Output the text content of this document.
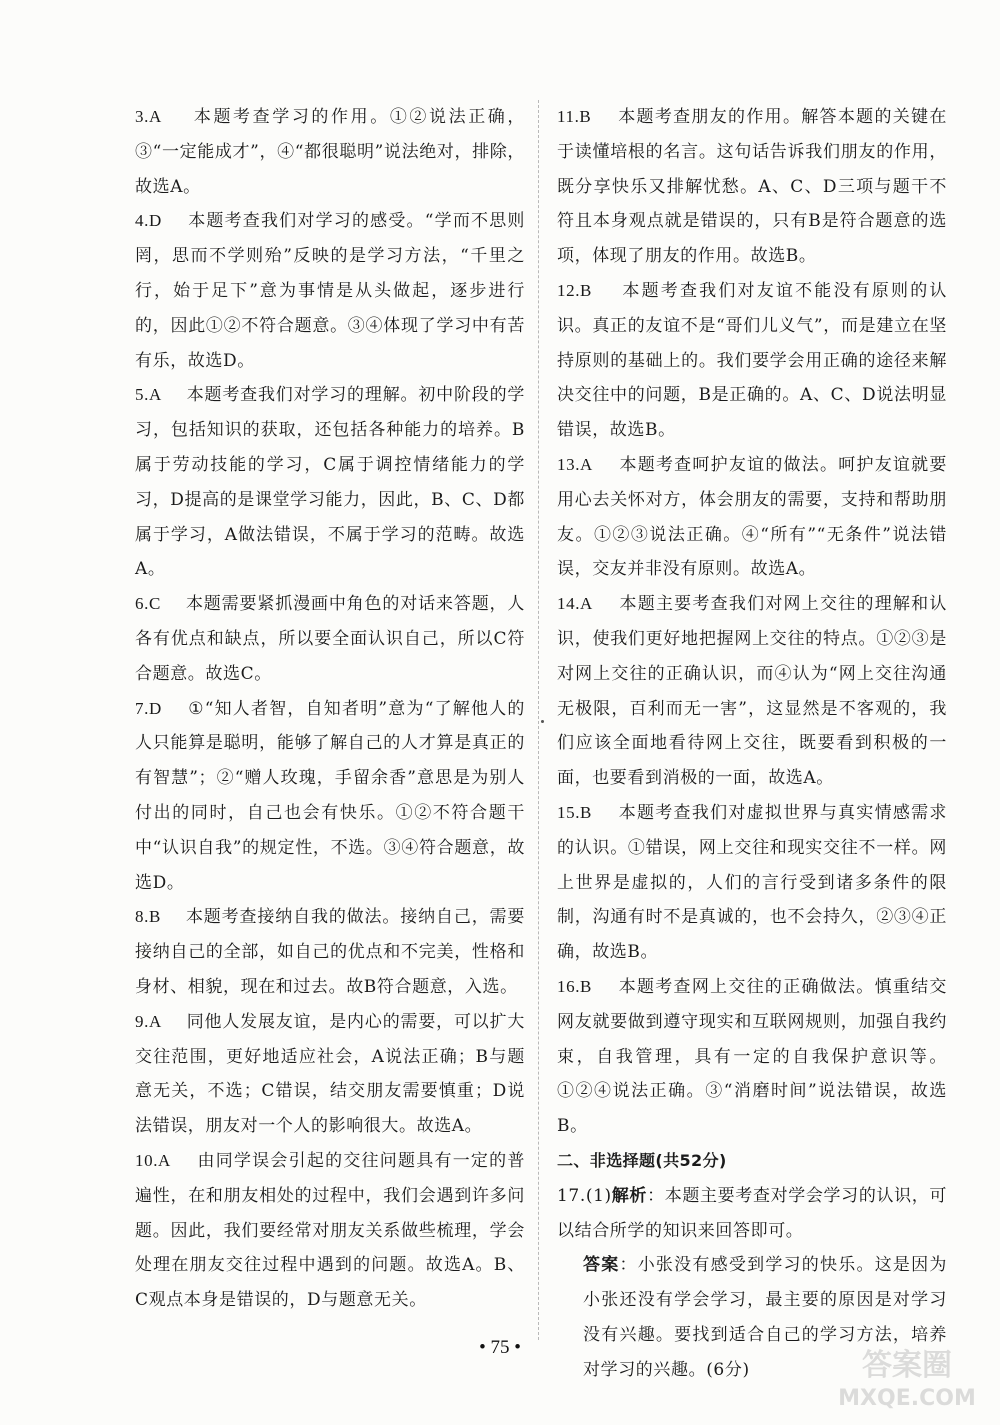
3.A 本题考查学习的作用。①②说法正确，③“一定能成才”，④“都很聪明”说法绝对，排除，故选A。
4.D 本题考查我们对学习的感受。“学而不思则罔，思而不学则殆”反映的是学习方法，“千里之行，始于足下”意为事情是从头做起，逐步进行的，因此①②不符合题意。③④体现了学习中有苦有乐，故选D。
5.A 本题考查我们对学习的理解。初中阶段的学习，包括知识的获取，还包括各种能力的培养。B属于劳动技能的学习，C属于调控情绪能力的学习，D提高的是课堂学习能力，因此，B、C、D都属于学习，A做法错误，不属于学习的范畴。故选A。
6.C 本题需要紧抓漫画中角色的对话来答题，人各有优点和缺点，所以要全面认识自己，所以C符合题意。故选C。
7.D ①“知人者智，自知者明”意为“了解他人的人只能算是聪明，能够了解自己的人才算是真正的有智慧”；②“赠人玫瑰，手留余香”意思是为别人付出的同时，自己也会有快乐。①②不符合题干中“认识自我”的规定性，不选。③④符合题意，故选D。
8.B 本题考查接纳自我的做法。接纳自己，需要接纳自己的全部，如自己的优点和不完美，性格和身材、相貌，现在和过去。故B符合题意，入选。
9.A 同他人发展友谊，是内心的需要，可以扩大交往范围，更好地适应社会，A说法正确；B与题意无关，不选；C错误，结交朋友需要慎重；D说法错误，朋友对一个人的影响很大。故选A。
10.A 由同学误会引起的交往问题具有一定的普遍性，在和朋友相处的过程中，我们会遇到许多问题。因此，我们要经常对朋友关系做些梳理，学会处理在朋友交往过程中遇到的问题。故选A。B、C观点本身是错误的，D与题意无关。
11.B 本题考查朋友的作用。解答本题的关键在于读懂培根的名言。这句话告诉我们朋友的作用，既分享快乐又排解忧愁。A、C、D三项与题干不符且本身观点就是错误的，只有B是符合题意的选项，体现了朋友的作用。故选B。
12.B 本题考查我们对友谊不能没有原则的认识。真正的友谊不是“哥们儿义气”，而是建立在坚持原则的基础上的。我们要学会用正确的途径来解决交往中的问题，B是正确的。A、C、D说法明显错误，故选B。
13.A 本题考查呵护友谊的做法。呵护友谊就要用心去关怀对方，体会朋友的需要，支持和帮助朋友。①②③说法正确。④“所有”“无条件”说法错误，交友并非没有原则。故选A。
14.A 本题主要考查我们对网上交往的理解和认识，使我们更好地把握网上交往的特点。①②③是对网上交往的正确认识，而④认为“网上交往沟通无极限，百利而无一害”，这显然是不客观的，我们应该全面地看待网上交往，既要看到积极的一面，也要看到消极的一面，故选A。
15.B 本题考查我们对虚拟世界与真实情感需求的认识。①错误，网上交往和现实交往不一样。网上世界是虚拟的，人们的言行受到诸多条件的限制，沟通有时不是真诚的，也不会持久，②③④正确，故选B。
16.B 本题考查网上交往的正确做法。慎重结交网友就要做到遵守现实和互联网规则，加强自我约束，自我管理，具有一定的自我保护意识等。①②④说法正确。③“消磨时间”说法错误，故选B。
二、非选择题(共52分)
17.(1)解析：本题主要考查对学会学习的认识，可以结合所学的知识来回答即可。
答案：小张没有感受到学习的快乐。这是因为小张还没有学会学习，最主要的原因是对学习没有兴趣。要找到适合自己的学习方法，培养对学习的兴趣。(6分)
• 75 •
答案圈
MXQE.COM
